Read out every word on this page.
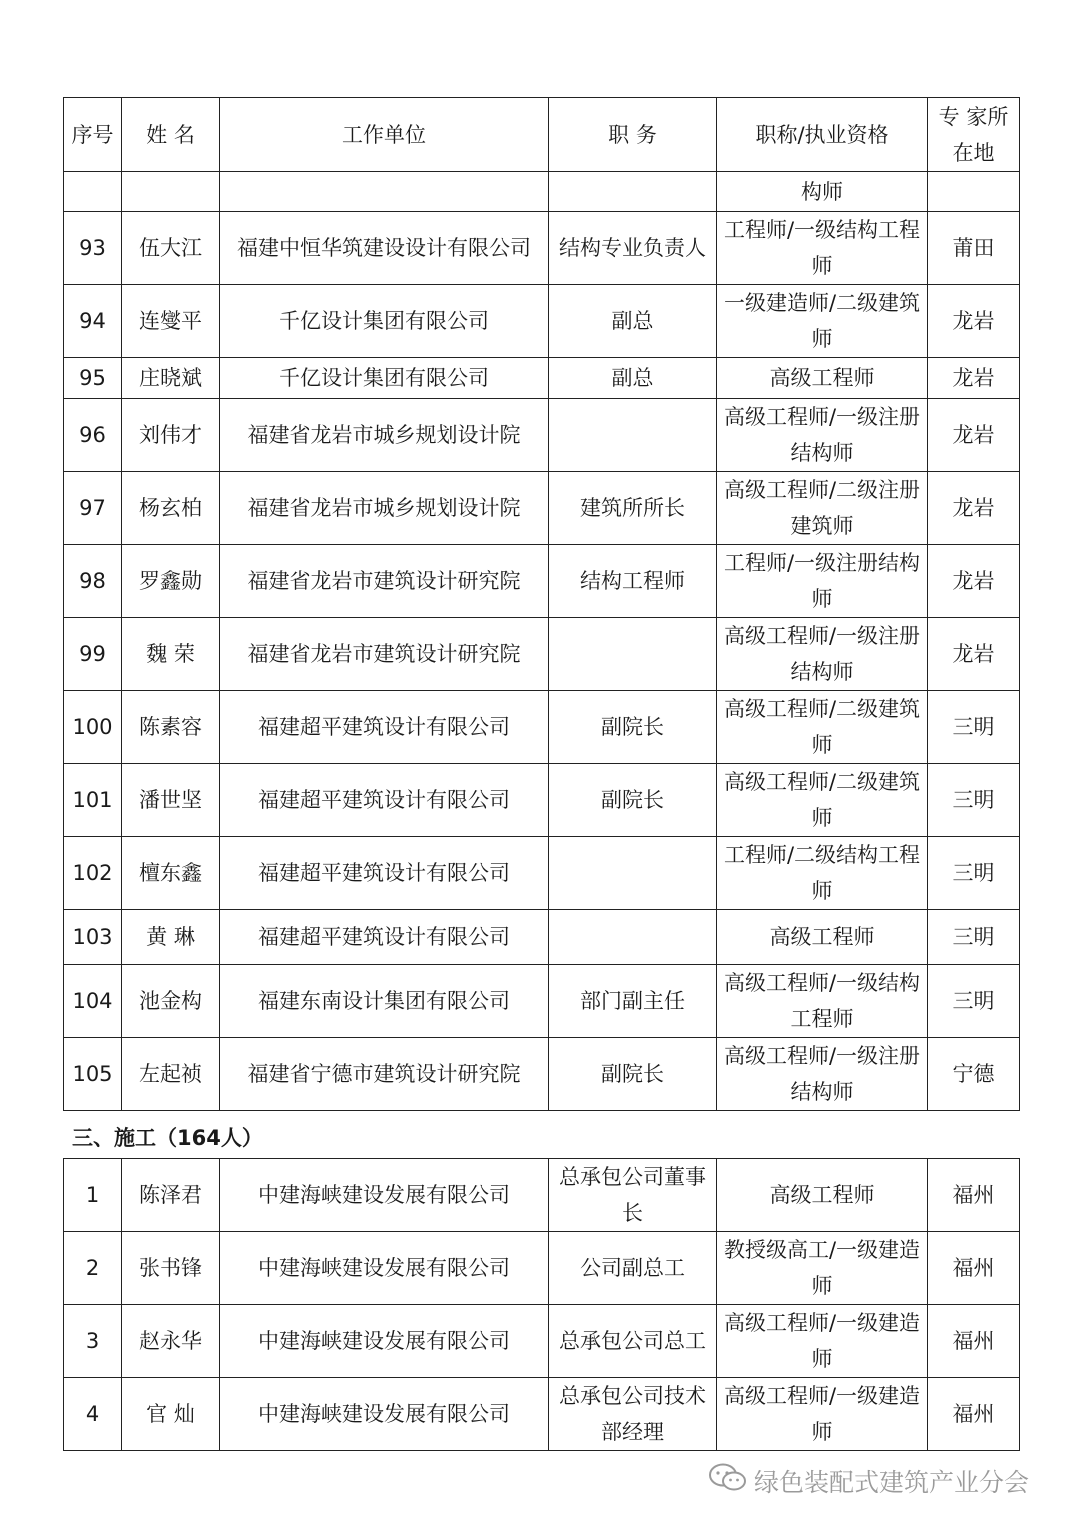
序号	姓 名	工作单位	职 务	职称/执业资格	专 家所在地
				构师	
93	伍大江	福建中恒华筑建设设计有限公司	结构专业负责人	工程师/一级结构工程师	莆田
94	连燮平	千亿设计集团有限公司	副总	一级建造师/二级建筑师	龙岩
95	庄晓斌	千亿设计集团有限公司	副总	高级工程师	龙岩
96	刘伟才	福建省龙岩市城乡规划设计院		高级工程师/一级注册结构师	龙岩
97	杨玄柏	福建省龙岩市城乡规划设计院	建筑所所长	高级工程师/二级注册建筑师	龙岩
98	罗鑫勋	福建省龙岩市建筑设计研究院	结构工程师	工程师/一级注册结构师	龙岩
99	魏 荣	福建省龙岩市建筑设计研究院		高级工程师/一级注册结构师	龙岩
100	陈素容	福建超平建筑设计有限公司	副院长	高级工程师/二级建筑师	三明
101	潘世坚	福建超平建筑设计有限公司	副院长	高级工程师/二级建筑师	三明
102	檀东鑫	福建超平建筑设计有限公司		工程师/二级结构工程师	三明
103	黄 琳	福建超平建筑设计有限公司		高级工程师	三明
104	池金构	福建东南设计集团有限公司	部门副主任	高级工程师/一级结构工程师	三明
105	左起祯	福建省宁德市建筑设计研究院	副院长	高级工程师/一级注册结构师	宁德
三、施工（164人）
1	陈泽君	中建海峡建设发展有限公司	总承包公司董事长	高级工程师	福州
2	张书锋	中建海峡建设发展有限公司	公司副总工	教授级高工/一级建造师	福州
3	赵永华	中建海峡建设发展有限公司	总承包公司总工	高级工程师/一级建造师	福州
4	官 灿	中建海峡建设发展有限公司	总承包公司技术部经理	高级工程师/一级建造师	福州
绿色装配式建筑产业分会
